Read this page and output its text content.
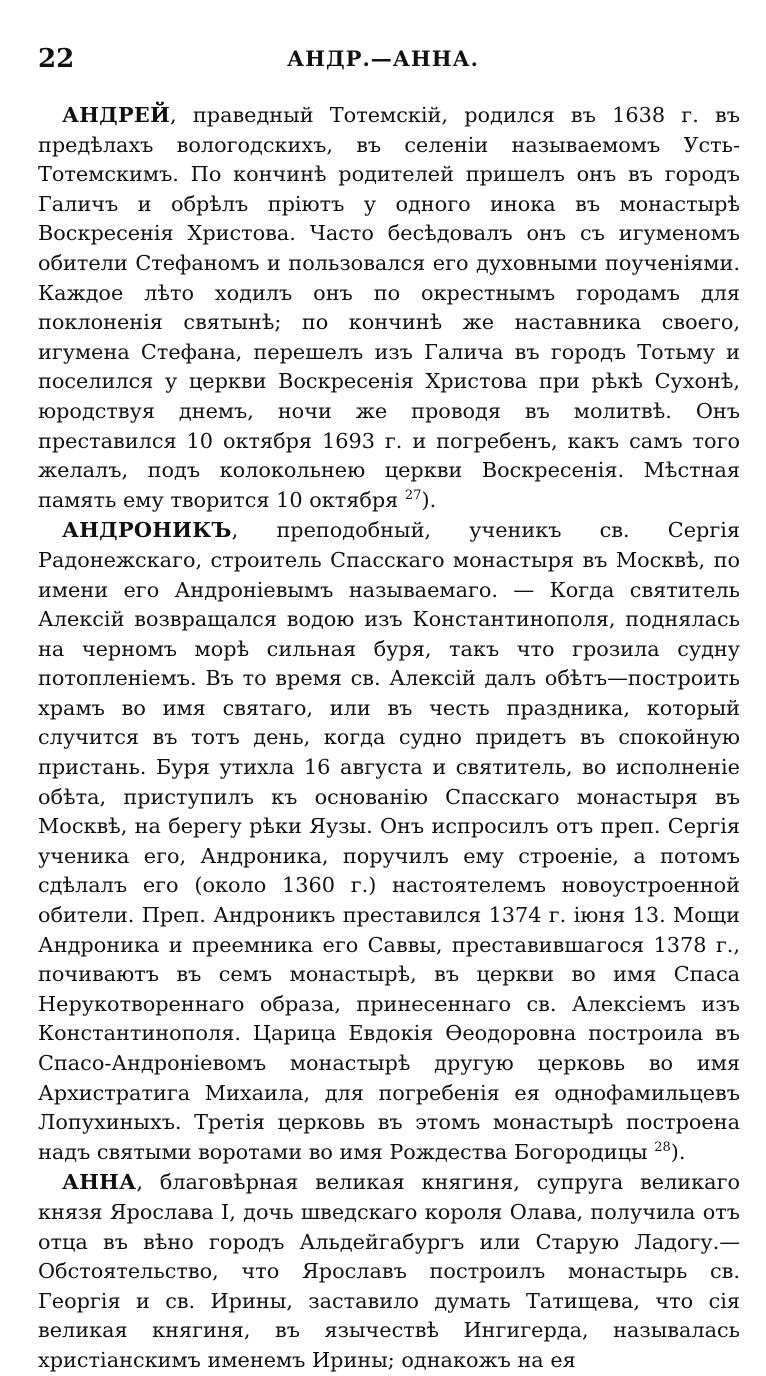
22	АНДР.—АННА.

АНДРЕЙ, праведный Тотемскій, родился въ 1638 г. въ предѣлахъ вологодскихъ, въ селеніи называемомъ Усть-Тотемскимъ. По кончинѣ родителей пришелъ онъ въ городъ Галичъ и обрѣлъ пріютъ у одного инока въ монастырѣ Воскресенія Христова. Часто бесѣдовалъ онъ съ игуменомъ обители Стефаномъ и пользовался его духовными поученіями. Каждое лѣто ходилъ онъ по окрестнымъ городамъ для поклоненія святынѣ; по кончинѣ же наставника своего, игумена Стефана, перешелъ изъ Галича въ городъ Тотьму и поселился у церкви Воскресенія Христова при рѣкѣ Сухонѣ, юродствуя днемъ, ночи же проводя въ молитвѣ. Онъ преставился 10 октября 1693 г. и погребенъ, какъ самъ того желалъ, подъ колокольнею церкви Воскресенія. Мѣстная память ему творится 10 октября $^{27}$).

АНДРОНИКЪ, преподобный, ученикъ св. Сергія Радонежскаго, строитель Спасскаго монастыря въ Москвѣ, по имени его Андроніевымъ называемаго. — Когда святитель Алексій возвращался водою изъ Константинополя, поднялась на черномъ морѣ сильная буря, такъ что грозила судну потопленіемъ. Въ то время св. Алексій далъ обѣтъ—построить храмъ во имя святаго, или въ честь праздника, который случится въ тотъ день, когда судно придетъ въ спокойную пристань. Буря утихла 16 августа и святитель, во исполненіе обѣта, приступилъ къ основанію Спасскаго монастыря въ Москвѣ, на берегу рѣки Яузы. Онъ испросилъ отъ преп. Сергія ученика его, Андроника, поручилъ ему строеніе, а потомъ сдѣлалъ его (около 1360 г.) настоятелемъ новоустроенной обители. Преп. Андроникъ преставился 1374 г. іюня 13. Мощи Андроника и преемника его Саввы, преставившагося 1378 г., почиваютъ въ семъ монастырѣ, въ церкви во имя Спаса Нерукотвореннаго образа, принесеннаго св. Алексіемъ изъ Константинополя. Царица Евдокія Ѳеодоровна построила въ Спасо-Андроніевомъ монастырѣ другую церковь во имя Архистратига Михаила, для погребенія ея однофамильцевъ Лопухиныхъ. Третія церковь въ этомъ монастырѣ построена надъ святыми воротами во имя Рождества Богородицы $^{28}$).

АННА, благовѣрная великая княгиня, супруга великаго князя Ярослава I, дочь шведскаго короля Олава, получила отъ отца въ вѣно городъ Альдейгабургъ или Старую Ладогу.—Обстоятельство, что Ярославъ построилъ монастырь св. Георгія и св. Ирины, заставило думать Татищева, что сія великая княгиня, въ язычествѣ Ингигерда, называлась христіанскимъ именемъ Ирины; однакожъ на ея
